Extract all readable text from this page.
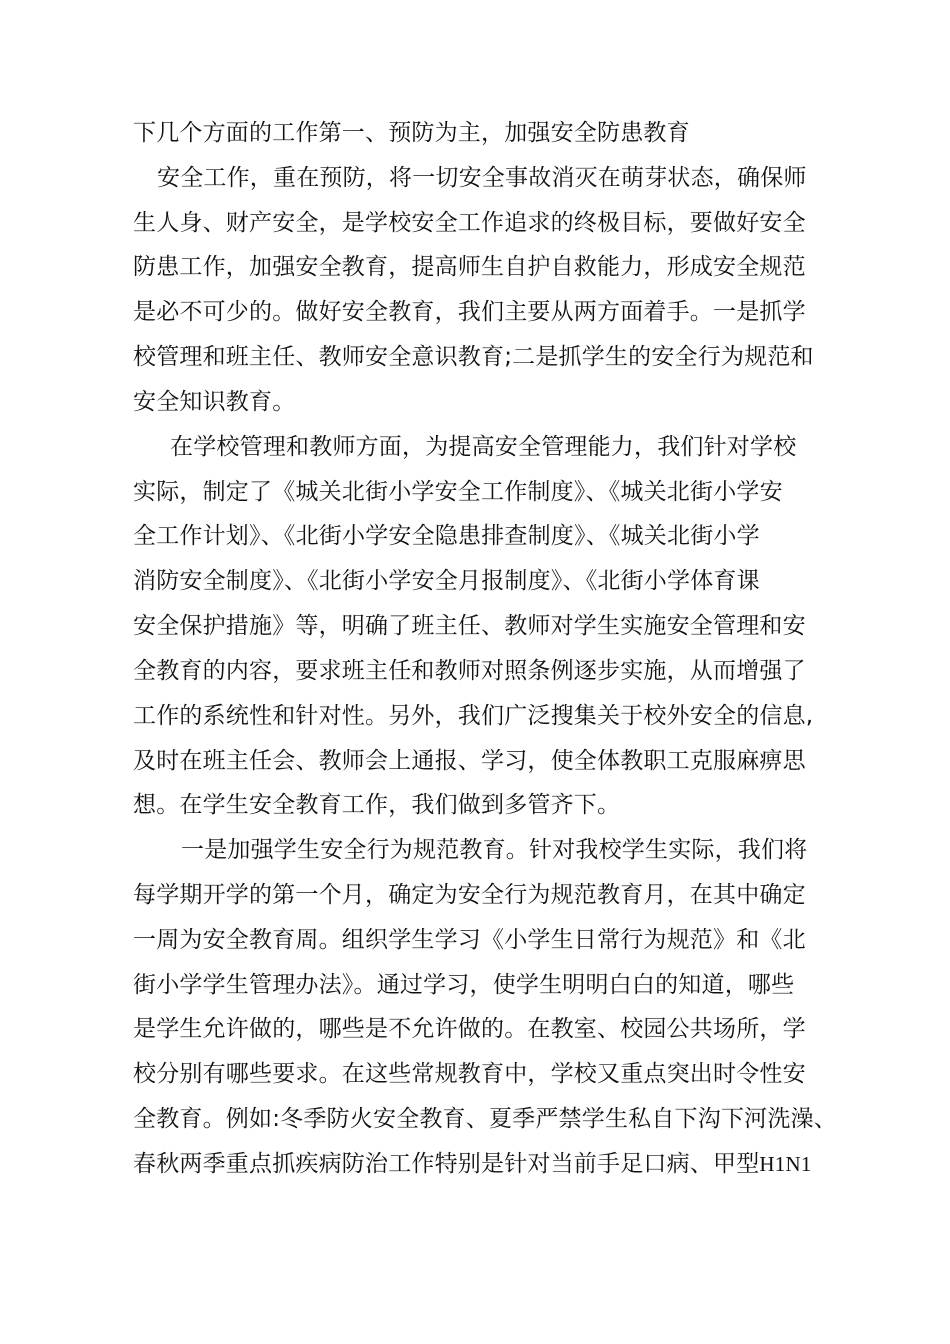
下几个方面的工作第一、预防为主，加强安全防患教育
安全工作，重在预防，将一切安全事故消灭在萌芽状态，确保师
生人身、财产安全，是学校安全工作追求的终极目标，要做好安全
防患工作，加强安全教育，提高师生自护自救能力，形成安全规范
是必不可少的。做好安全教育，我们主要从两方面着手。一是抓学
校管理和班主任、教师安全意识教育;二是抓学生的安全行为规范和
安全知识教育。
在学校管理和教师方面，为提高安全管理能力，我们针对学校
实际，制定了《城关北街小学安全工作制度》、《城关北街小学安
全工作计划》、《北街小学安全隐患排查制度》、《城关北街小学
消防安全制度》、《北街小学安全月报制度》、《北街小学体育课
安全保护措施》等，明确了班主任、教师对学生实施安全管理和安
全教育的内容，要求班主任和教师对照条例逐步实施，从而增强了
工作的系统性和针对性。另外，我们广泛搜集关于校外安全的信息,
及时在班主任会、教师会上通报、学习，使全体教职工克服麻痹思
想。在学生安全教育工作，我们做到多管齐下。
一是加强学生安全行为规范教育。针对我校学生实际，我们将
每学期开学的第一个月，确定为安全行为规范教育月，在其中确定
一周为安全教育周。组织学生学习《小学生日常行为规范》和《北
街小学学生管理办法》。通过学习，使学生明明白白的知道，哪些
是学生允许做的，哪些是不允许做的。在教室、校园公共场所，学
校分别有哪些要求。在这些常规教育中，学校又重点突出时令性安
全教育。例如:冬季防火安全教育、夏季严禁学生私自下沟下河洗澡、
春秋两季重点抓疾病防治工作特别是针对当前手足口病、甲型H1N1
